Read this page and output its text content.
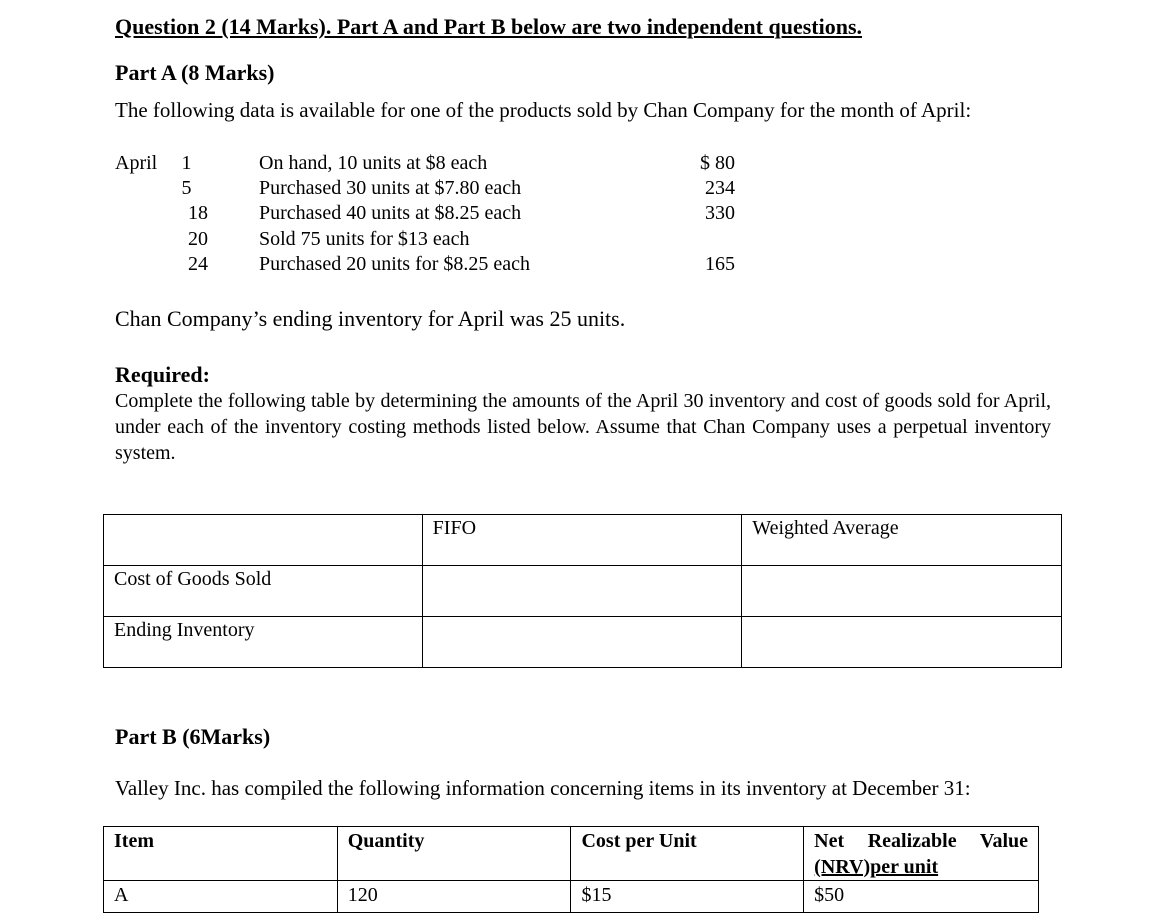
Question 2 (14 Marks). Part A and Part B below are two independent questions.
Part A (8 Marks)
The following data is available for one of the products sold by Chan Company for the month of April:
April	1	On hand, 10 units at $8 each	$ 80
5	Purchased 30 units at $7.80 each	234
18	Purchased 40 units at $8.25 each	330
20	Sold 75 units for $13 each
24	Purchased 20 units for $8.25 each	165
Chan Company’s ending inventory for April was 25 units.
Required:
Complete the following table by determining the amounts of the April 30 inventory and cost of goods sold for April, under each of the inventory costing methods listed below. Assume that Chan Company uses a perpetual inventory system.
	FIFO	Weighted Average
Cost of Goods Sold		
Ending Inventory		
Part B (6Marks)
Valley Inc. has compiled the following information concerning items in its inventory at December 31:
Item	Quantity	Cost per Unit	Net Realizable Value
(NRV)per unit

A	120	$15	$50
